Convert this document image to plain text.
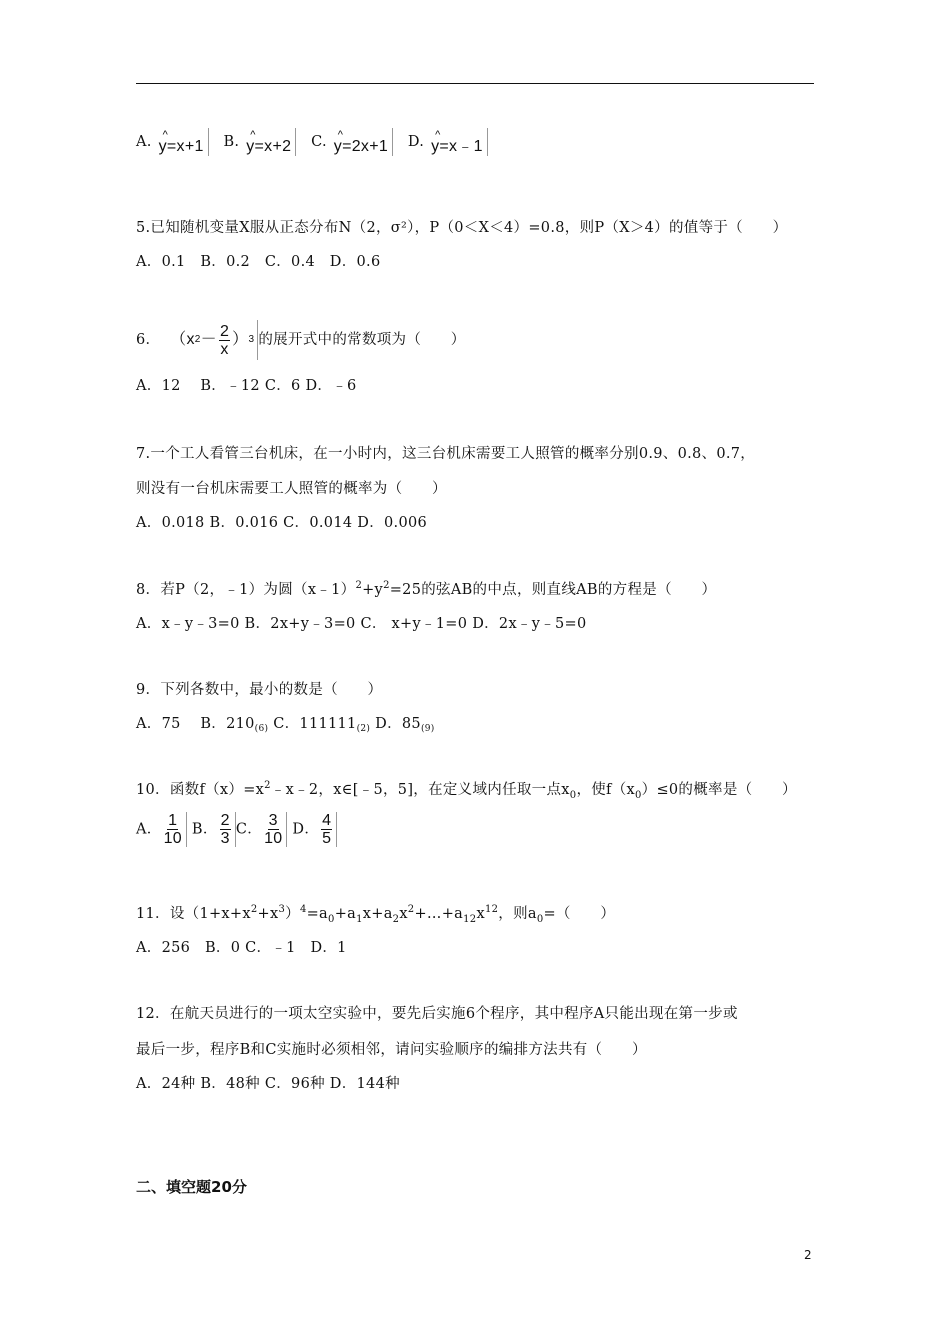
A. ^
y=x+1 B. ^
y=x+2 C. ^
y=2x+1 D. ^
y=x﹣1
5.已知随机变量X服从正态分布N（2，σ²），P（0＜X＜4）=0.8，则P（X＞4）的值等于（　　）
A．0.1　B．0.2　C．0.4　D．0.6
6． （x $2 - \frac{2}{x}$ ） 3 的展开式中的常数项为（　　）
A．12　 B．﹣12 C．6 D．﹣6
7.一个工人看管三台机床，在一小时内，这三台机床需要工人照管的概率分别0.9、0.8、0.7，
则没有一台机床需要工人照管的概率为（　　）
A．0.018 B．0.016 C．0.014 D．0.006
8．若P（2，﹣1）为圆$(x﹣1)^2+y^2=25$的弦AB的中点，则直线AB的方程是（　　）
A．x﹣y﹣3=0 B．2x+y﹣3=0 C． x+y﹣1=0 D．2x﹣y﹣5=0
9．下列各数中，最小的数是（　　）
A．75　 B．$210_{(6)}$ C．$111111_{(2)}$ D．$85_{(9)}$
10．函数$f(x)=x^2﹣x﹣2$，x∈[﹣5，5]，在定义域内任取一点$x_0$，使$f(x_0)\le 0$的概率是（　　）
A． $\frac{1}{10}$ B． $\frac{2}{3}$ C． $\frac{3}{10}$ D． $\frac{4}{5}$
11．设$(1+x+x^2+x^3)^4=a_0+a_1x+a_2x^2+\dots+a_{12}x^{12}$，则$a_0=$（　　）
A．256　B．0 C．﹣1　D．1
12．在航天员进行的一项太空实验中，要先后实施6个程序，其中程序A只能出现在第一步或
最后一步，程序B和C实施时必须相邻，请问实验顺序的编排方法共有（　　）
A．24种 B．48种 C．96种 D．144种
二、填空题20分
2
